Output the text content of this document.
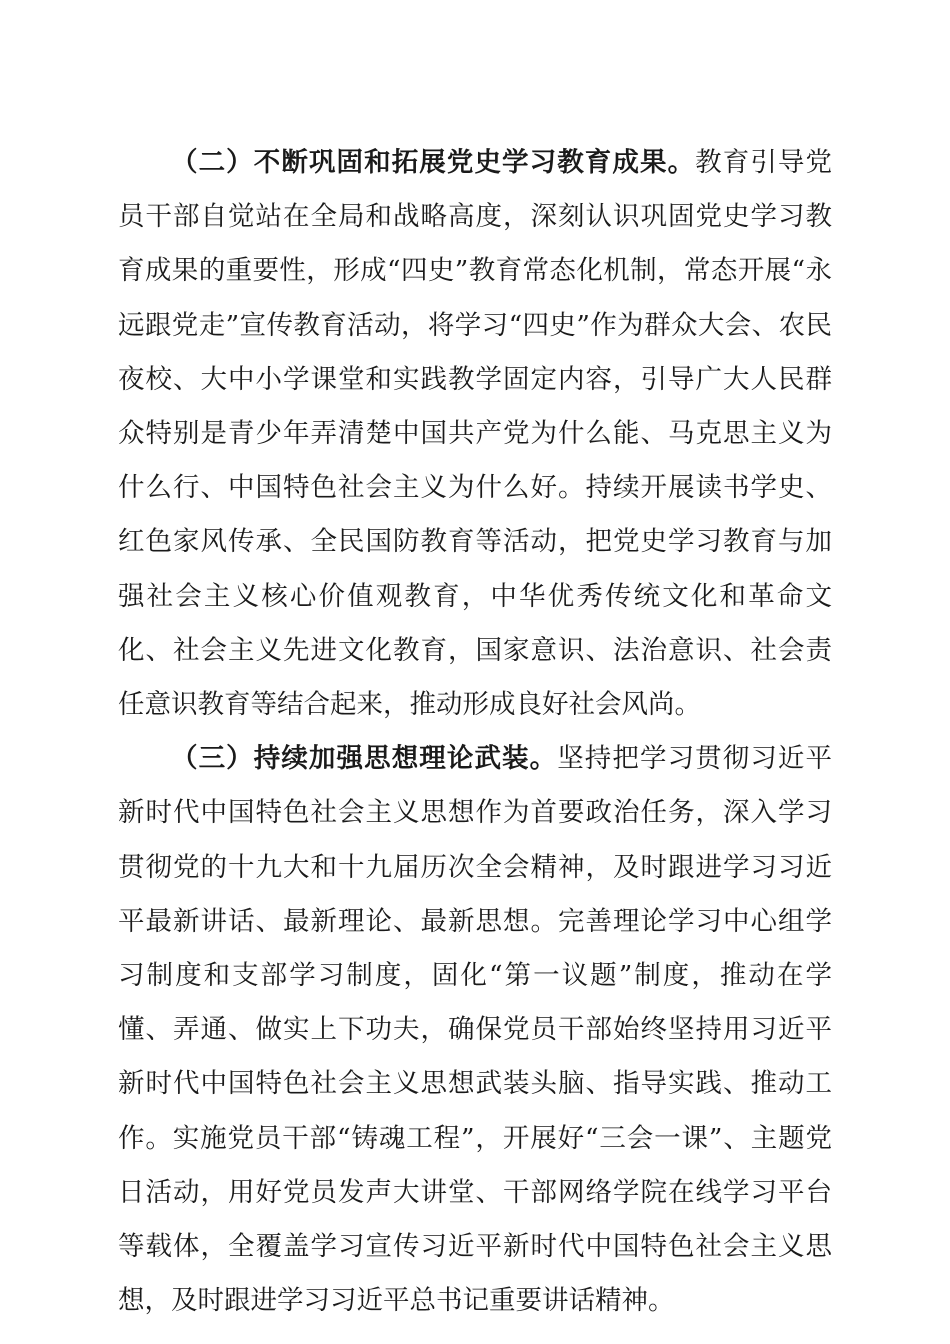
（二）不断巩固和拓展党史学习教育成果。教育引导党员干部自觉站在全局和战略高度，深刻认识巩固党史学习教育成果的重要性，形成“四史”教育常态化机制，常态开展“永远跟党走”宣传教育活动，将学习“四史”作为群众大会、农民夜校、大中小学课堂和实践教学固定内容，引导广大人民群众特别是青少年弄清楚中国共产党为什么能、马克思主义为什么行、中国特色社会主义为什么好。持续开展读书学史、红色家风传承、全民国防教育等活动，把党史学习教育与加强社会主义核心价值观教育，中华优秀传统文化和革命文化、社会主义先进文化教育，国家意识、法治意识、社会责任意识教育等结合起来，推动形成良好社会风尚。

（三）持续加强思想理论武装。坚持把学习贯彻习近平新时代中国特色社会主义思想作为首要政治任务，深入学习贯彻党的十九大和十九届历次全会精神，及时跟进学习习近平最新讲话、最新理论、最新思想。完善理论学习中心组学习制度和支部学习制度，固化“第一议题”制度，推动在学懂、弄通、做实上下功夫，确保党员干部始终坚持用习近平新时代中国特色社会主义思想武装头脑、指导实践、推动工作。实施党员干部“铸魂工程”，开展好“三会一课”、主题党日活动，用好党员发声大讲堂、干部网络学院在线学习平台等载体，全覆盖学习宣传习近平新时代中国特色社会主义思想，及时跟进学习习近平总书记重要讲话精神。
